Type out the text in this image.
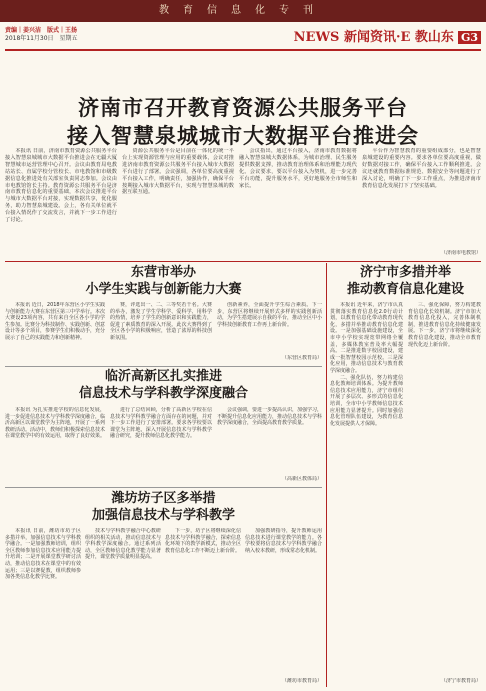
教育信息化专刊
责编｜姜兴洁　版式｜王扬
2018年11月30日　星期五	NEWS 新闻资讯·E 教山东 G3
济南市召开教育资源公共服务平台
接入智慧泉城城市大数据平台推进会

本报讯 日前，济南市教育资源公共服务平台接入智慧泉城城市大数据平台推进会在无疆大厦智慧城市运营管理中心召开。会议由教育局电教站站长、直属学校分管校长、市电教馆和市级数据信息化推进处有关部室负责同志参加。会议由市电教馆馆长主持。教育资源公共服务平台是济南市教育信息化的重要基础，本次会议推进平台与城市大数据平台对接，实现数据共享，优化服务，助力智慧泉城建设。会上，各有关单位就平台接入情况作了交流发言，并就下一步工作进行了讨论。

资源公共服务平台是目前在一体化的统一平台上实现资源管理与应用的重要载体，会议对推进济南市教育资源公共服务平台接入城市大数据平台进行了部署。会议强调，各单位要高度重视平台接入工作，明确责任，加强协作，确保平台按期接入城市大数据平台，实现与智慧泉城的数据互联互通。

会议指出，通过平台接入，济南市教育数据将融入智慧泉城大数据体系，为城市治理、民生服务提供数据支撑，推动教育治理体系和治理能力现代化。会议要求，要以平台接入为契机，进一步完善平台功能，提升服务水平，更好地服务全市师生和家长。

平台作为智慧教育的重要组成部分，也是智慧泉城建设的重要内容。要求各单位要高度重视，做好数据对接工作，确保平台接入工作顺利推进。会议还就教育数据标准规范、数据安全等问题进行了深入讨论，明确了下一步工作重点，为推进济南市教育信息化发展打下了坚实基础。

（济南市电教馆）
东营市举办
小学生实践与创新能力大赛

本报讯 近日，2018年东营区小学生实践与创新能力大赛在东营区第三中学举行。本次大赛设23项内容，共有来自全区各小学的学生参加。比赛分为科技制作、实践创新、创意设计等多个项目，参赛学生们积极动手，充分展示了自己的实践能力和创新精神。

赛，评选出一、二、三等奖若干名。大赛的举办，激发了学生学科学、爱科学、用科学的热情，培养了学生的创新意识和实践能力，促进了素质教育的深入开展。此次大赛得到了全区各小学的积极响应，营造了浓厚的科技创新氛围。

创新素养，全面提升学生综合素质。下一步，东营区将继续开展形式多样的实践创新活动，为学生搭建展示自我的平台，推动全区中小学科技创新教育工作再上新台阶。

（东营区教育局）
临沂高新区扎实推进
信息技术与学科教学深度融合

本报讯 为扎实推进学校的信息化发展，进一步促进信息技术与学科教学深度融合，临沂高新区以课堂教学为主阵地，开展了一系列教研活动。活动中，教师们积极探索信息技术在课堂教学中的有效运用，取得了良好效果。

进行了总结回顾，分析了高新区学校在信息技术与学科教学融合方面存在的问题，并对下一步工作进行了安排部署。要求各学校要以课堂为主阵地，深入开展信息技术与学科教学融合研究，提升教师信息化教学能力。

会议强调，要进一步提高认识，加强学习，不断提升信息化应用能力，推动信息技术与学科教学深度融合，全面提高教育教学质量。

（高新区教体局）
潍坊坊子区多举措
加强信息技术与学科教学

本报讯 日前，潍坊市坊子区多措并举，加强信息技术与学科教学融合。一是加强教师培训，组织全区教师参加信息技术应用能力提升培训；二是开展课堂教学研讨活动，推动信息技术在课堂中的有效运用；三是以赛促教，组织教师参加各类信息化教学比赛。

技术与学科教学融合中心教研组织的相关活动，推动信息技术与学科教学深度融合。通过系列活动，全区教师信息化教学能力显著提升，课堂教学质量明显提高。

下一步，坊子区将继续深化信息技术与学科教学融合，探索信息化环境下的教学新模式，推动全区教育信息化工作不断迈上新台阶。

加强教研指导，提升教师运用信息技术进行课堂教学的能力。各学校要将信息技术与学科教学融合纳入校本教研，形成常态化机制。

（潍坊市教育局）
济宁市多措并举
推动教育信息化建设

本报讯 近年来，济宁市认真贯彻落实教育信息化2.0行动计划，以教育信息化带动教育现代化，多措并举推动教育信息化建设。一是加强基础设施建设，全市中小学校实现宽带网络全覆盖，多媒体教室普及率大幅提高。二是推进数字校园建设，建成一批智慧校园示范校。三是深化应用，推动信息技术与教育教学深度融合。

二、强化队伍，努力构建信息化教师培训体系。为提升教师信息技术应用能力，济宁市组织开展了多层次、多形式的信息化培训，全市中小学教师信息技术应用能力显著提升。同时加强信息化管理队伍建设，为教育信息化发展提供人才保障。

三、强化保障，努力构建教育信息化长效机制。济宁市加大教育信息化投入，完善体制机制，推进教育信息化持续健康发展。下一步，济宁市将继续深化教育信息化建设，推动全市教育现代化迈上新台阶。

（济宁市教育局）
